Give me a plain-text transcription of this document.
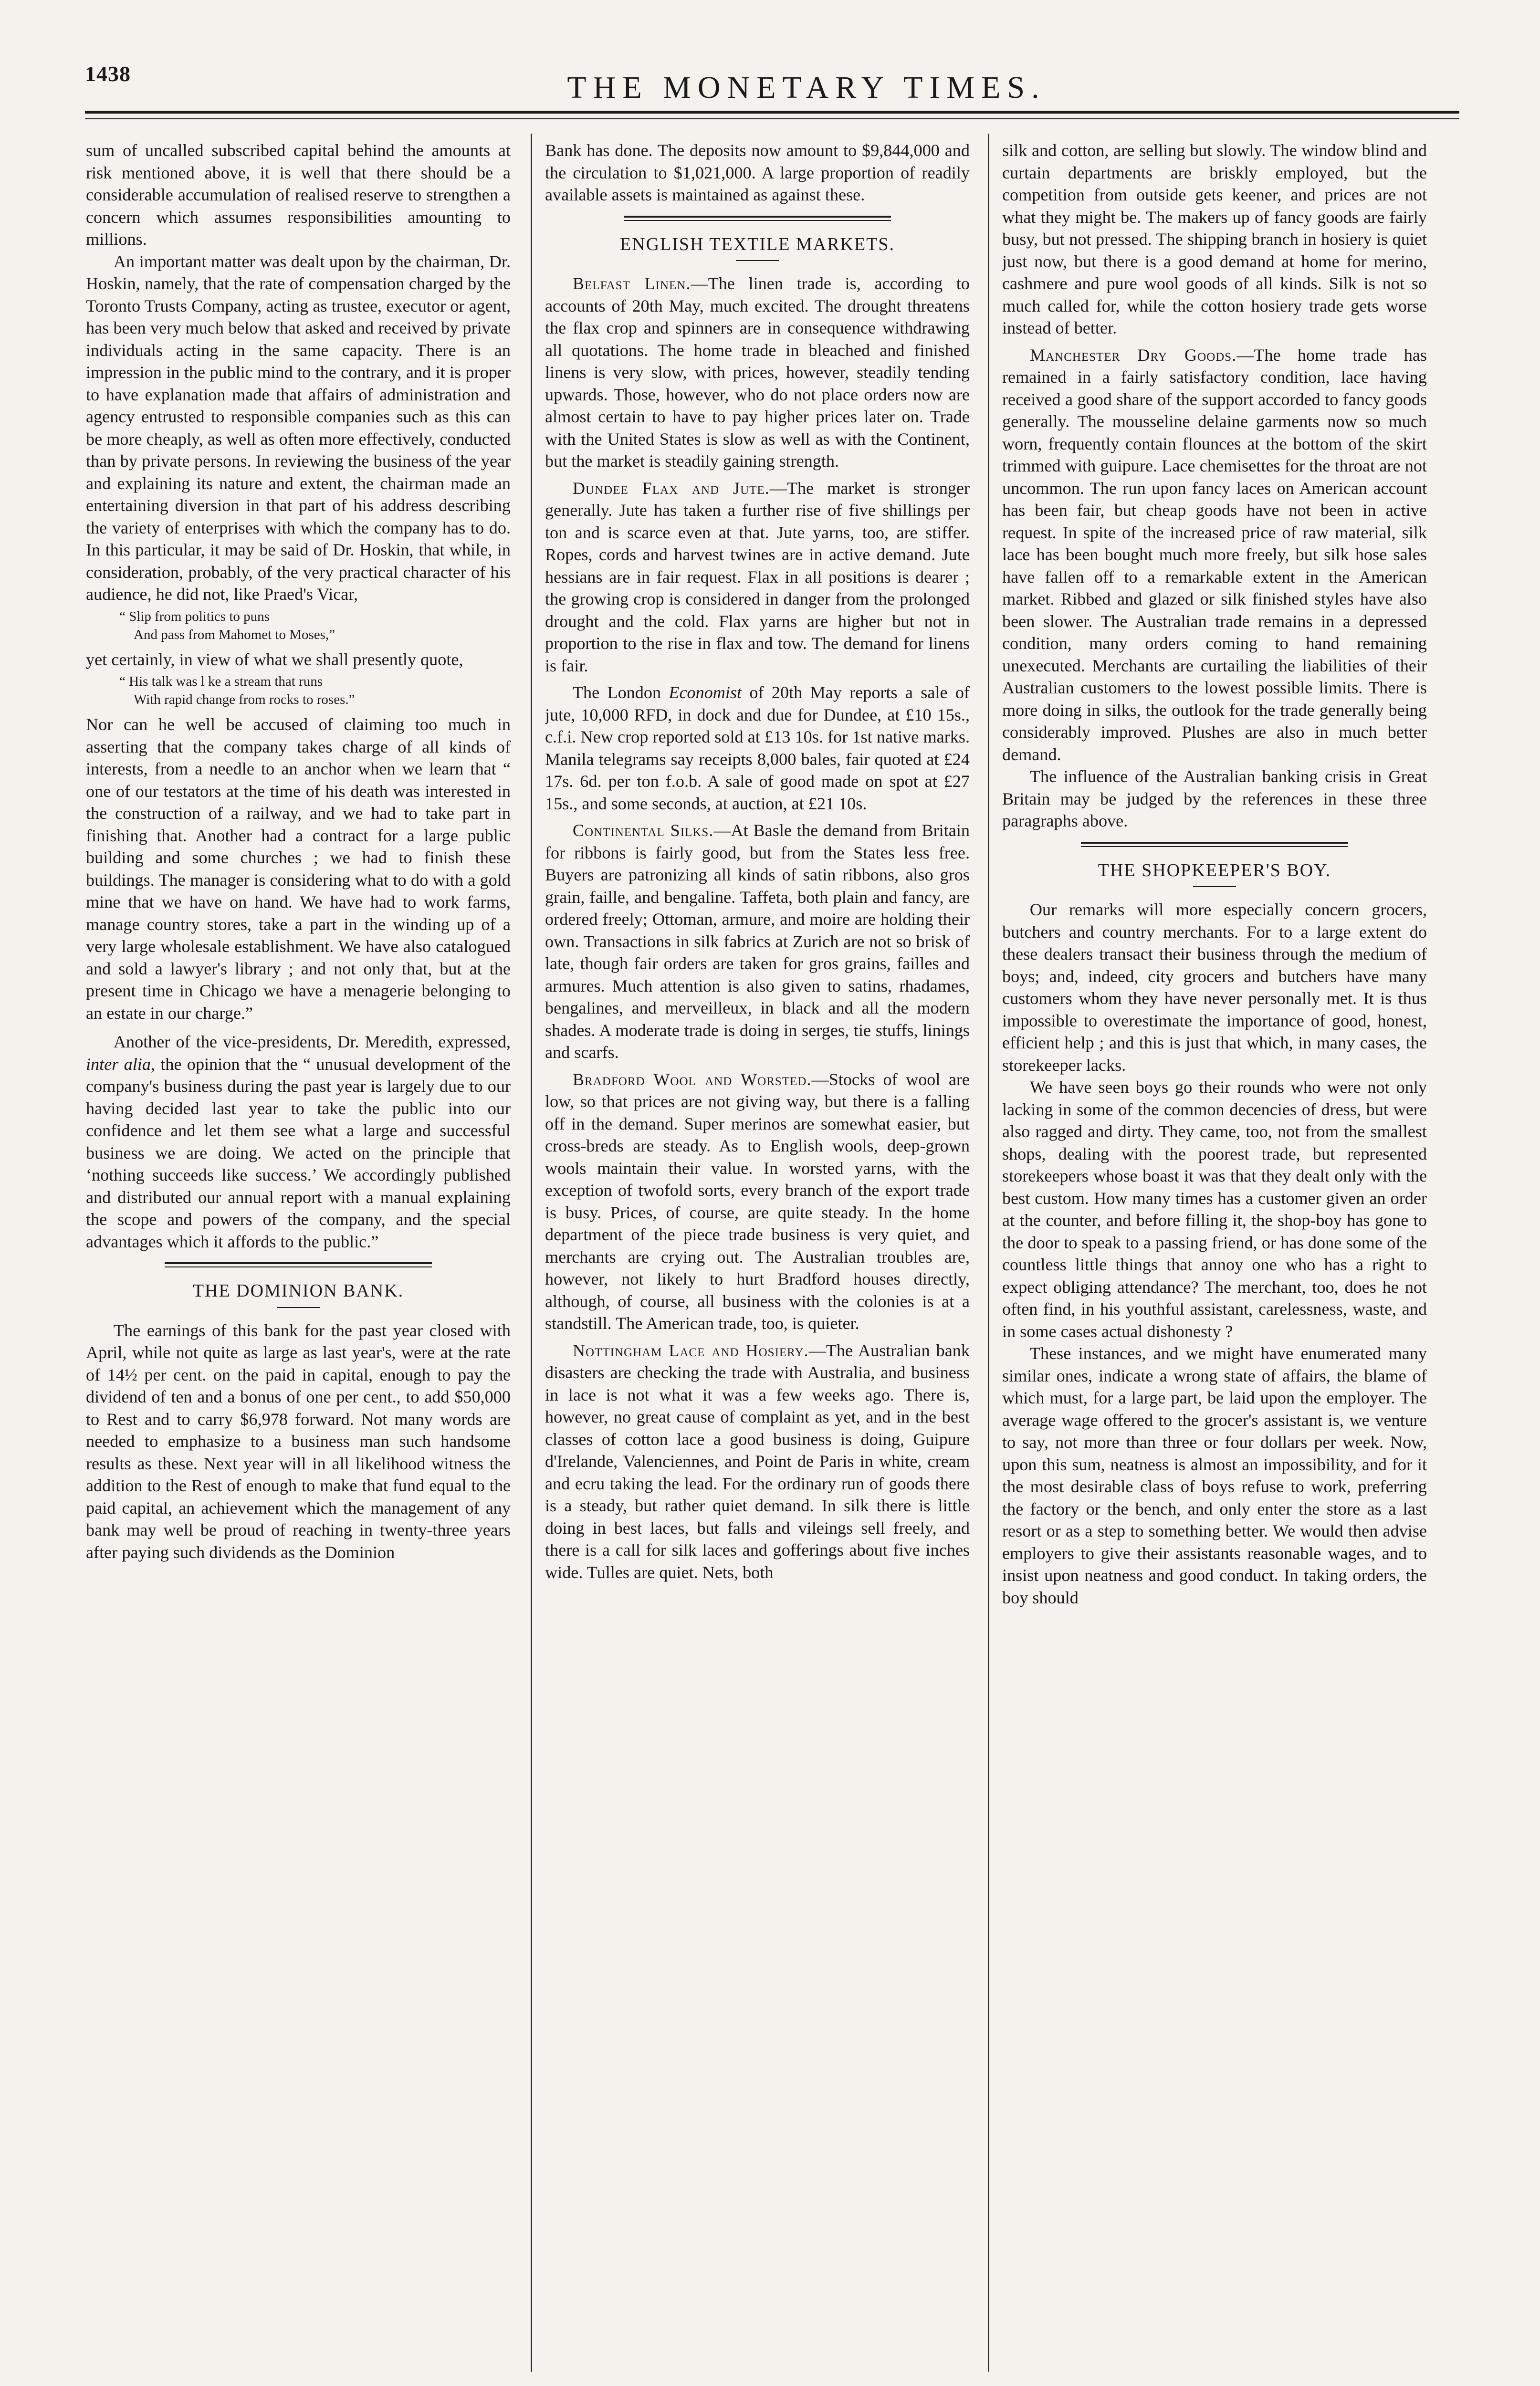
1438	THE MONETARY TIMES.

sum of uncalled subscribed capital behind the amounts at risk mentioned above, it is well that there should be a considerable accumulation of realised reserve to strengthen a concern which assumes responsibilities amounting to millions.

An important matter was dealt upon by the chairman, Dr. Hoskin, namely, that the rate of compensation charged by the Toronto Trusts Company, acting as trustee, executor or agent, has been very much below that asked and received by private individuals acting in the same capacity. There is an impression in the public mind to the contrary, and it is proper to have explanation made that affairs of administration and agency entrusted to responsible companies such as this can be more cheaply, as well as often more effectively, conducted than by private persons. In reviewing the business of the year and explaining its nature and extent, the chairman made an entertaining diversion in that part of his address describing the variety of enterprises with which the company has to do. In this particular, it may be said of Dr. Hoskin, that while, in consideration, probably, of the very practical character of his audience, he did not, like Praed's Vicar,

“ Slip from politics to puns
And pass from Mahomet to Moses,”

yet certainly, in view of what we shall presently quote,

“ His talk was l ke a stream that runs
With rapid change from rocks to roses.”

Nor can he well be accused of claiming too much in asserting that the company takes charge of all kinds of interests, from a needle to an anchor when we learn that “ one of our testators at the time of his death was interested in the construction of a railway, and we had to take part in finishing that. Another had a contract for a large public building and some churches ; we had to finish these buildings. The manager is considering what to do with a gold mine that we have on hand. We have had to work farms, manage country stores, take a part in the winding up of a very large wholesale establishment. We have also catalogued and sold a lawyer's library ; and not only that, but at the present time in Chicago we have a menagerie belonging to an estate in our charge.”

Another of the vice-presidents, Dr. Meredith, expressed, inter alia, the opinion that the “ unusual development of the company's business during the past year is largely due to our having decided last year to take the public into our confidence and let them see what a large and successful business we are doing. We acted on the principle that ‘nothing succeeds like success.’ We accordingly published and distributed our annual report with a manual explaining the scope and powers of the company, and the special advantages which it affords to the public.”

THE DOMINION BANK.

The earnings of this bank for the past year closed with April, while not quite as large as last year's, were at the rate of 14½ per cent. on the paid in capital, enough to pay the dividend of ten and a bonus of one per cent., to add $50,000 to Rest and to carry $6,978 forward. Not many words are needed to emphasize to a business man such handsome results as these. Next year will in all likelihood witness the addition to the Rest of enough to make that fund equal to the paid capital, an achievement which the management of any bank may well be proud of reaching in twenty-three years after paying such dividends as the Dominion

Bank has done. The deposits now amount to $9,844,000 and the circulation to $1,021,000. A large proportion of readily available assets is maintained as against these.

ENGLISH TEXTILE MARKETS.

Belfast Linen.—The linen trade is, according to accounts of 20th May, much excited. The drought threatens the flax crop and spinners are in consequence withdrawing all quotations. The home trade in bleached and finished linens is very slow, with prices, however, steadily tending upwards. Those, however, who do not place orders now are almost certain to have to pay higher prices later on. Trade with the United States is slow as well as with the Continent, but the market is steadily gaining strength.

Dundee Flax and Jute.—The market is stronger generally. Jute has taken a further rise of five shillings per ton and is scarce even at that. Jute yarns, too, are stiffer. Ropes, cords and harvest twines are in active demand. Jute hessians are in fair request. Flax in all positions is dearer ; the growing crop is considered in danger from the prolonged drought and the cold. Flax yarns are higher but not in proportion to the rise in flax and tow. The demand for linens is fair.

The London Economist of 20th May reports a sale of jute, 10,000 RFD, in dock and due for Dundee, at £10 15s., c.f.i. New crop reported sold at £13 10s. for 1st native marks. Manila telegrams say receipts 8,000 bales, fair quoted at £24 17s. 6d. per ton f.o.b. A sale of good made on spot at £27 15s., and some seconds, at auction, at £21 10s.

Continental Silks.—At Basle the demand from Britain for ribbons is fairly good, but from the States less free. Buyers are patronizing all kinds of satin ribbons, also gros grain, faille, and bengaline. Taffeta, both plain and fancy, are ordered freely; Ottoman, armure, and moire are holding their own. Transactions in silk fabrics at Zurich are not so brisk of late, though fair orders are taken for gros grains, failles and armures. Much attention is also given to satins, rhadames, bengalines, and merveilleux, in black and all the modern shades. A moderate trade is doing in serges, tie stuffs, linings and scarfs.

Bradford Wool and Worsted.—Stocks of wool are low, so that prices are not giving way, but there is a falling off in the demand. Super merinos are somewhat easier, but cross-breds are steady. As to English wools, deep-grown wools maintain their value. In worsted yarns, with the exception of twofold sorts, every branch of the export trade is busy. Prices, of course, are quite steady. In the home department of the piece trade business is very quiet, and merchants are crying out. The Australian troubles are, however, not likely to hurt Bradford houses directly, although, of course, all business with the colonies is at a standstill. The American trade, too, is quieter.

Nottingham Lace and Hosiery.—The Australian bank disasters are checking the trade with Australia, and business in lace is not what it was a few weeks ago. There is, however, no great cause of complaint as yet, and in the best classes of cotton lace a good business is doing, Guipure d'Irelande, Valenciennes, and Point de Paris in white, cream and ecru taking the lead. For the ordinary run of goods there is a steady, but rather quiet demand. In silk there is little doing in best laces, but falls and vileings sell freely, and there is a call for silk laces and gofferings about five inches wide. Tulles are quiet. Nets, both

silk and cotton, are selling but slowly. The window blind and curtain departments are briskly employed, but the competition from outside gets keener, and prices are not what they might be. The makers up of fancy goods are fairly busy, but not pressed. The shipping branch in hosiery is quiet just now, but there is a good demand at home for merino, cashmere and pure wool goods of all kinds. Silk is not so much called for, while the cotton hosiery trade gets worse instead of better.

Manchester Dry Goods.—The home trade has remained in a fairly satisfactory condition, lace having received a good share of the support accorded to fancy goods generally. The mousseline delaine garments now so much worn, frequently contain flounces at the bottom of the skirt trimmed with guipure. Lace chemisettes for the throat are not uncommon. The run upon fancy laces on American account has been fair, but cheap goods have not been in active request. In spite of the increased price of raw material, silk lace has been bought much more freely, but silk hose sales have fallen off to a remarkable extent in the American market. Ribbed and glazed or silk finished styles have also been slower. The Australian trade remains in a depressed condition, many orders coming to hand remaining unexecuted. Merchants are curtailing the liabilities of their Australian customers to the lowest possible limits. There is more doing in silks, the outlook for the trade generally being considerably improved. Plushes are also in much better demand.

The influence of the Australian banking crisis in Great Britain may be judged by the references in these three paragraphs above.

THE SHOPKEEPER'S BOY.

Our remarks will more especially concern grocers, butchers and country merchants. For to a large extent do these dealers transact their business through the medium of boys; and, indeed, city grocers and butchers have many customers whom they have never personally met. It is thus impossible to overestimate the importance of good, honest, efficient help ; and this is just that which, in many cases, the storekeeper lacks.

We have seen boys go their rounds who were not only lacking in some of the common decencies of dress, but were also ragged and dirty. They came, too, not from the smallest shops, dealing with the poorest trade, but represented storekeepers whose boast it was that they dealt only with the best custom. How many times has a customer given an order at the counter, and before filling it, the shop-boy has gone to the door to speak to a passing friend, or has done some of the countless little things that annoy one who has a right to expect obliging attendance? The merchant, too, does he not often find, in his youthful assistant, carelessness, waste, and in some cases actual dishonesty ?

These instances, and we might have enumerated many similar ones, indicate a wrong state of affairs, the blame of which must, for a large part, be laid upon the employer. The average wage offered to the grocer's assistant is, we venture to say, not more than three or four dollars per week. Now, upon this sum, neatness is almost an impossibility, and for it the most desirable class of boys refuse to work, preferring the factory or the bench, and only enter the store as a last resort or as a step to something better. We would then advise employers to give their assistants reasonable wages, and to insist upon neatness and good conduct. In taking orders, the boy should
